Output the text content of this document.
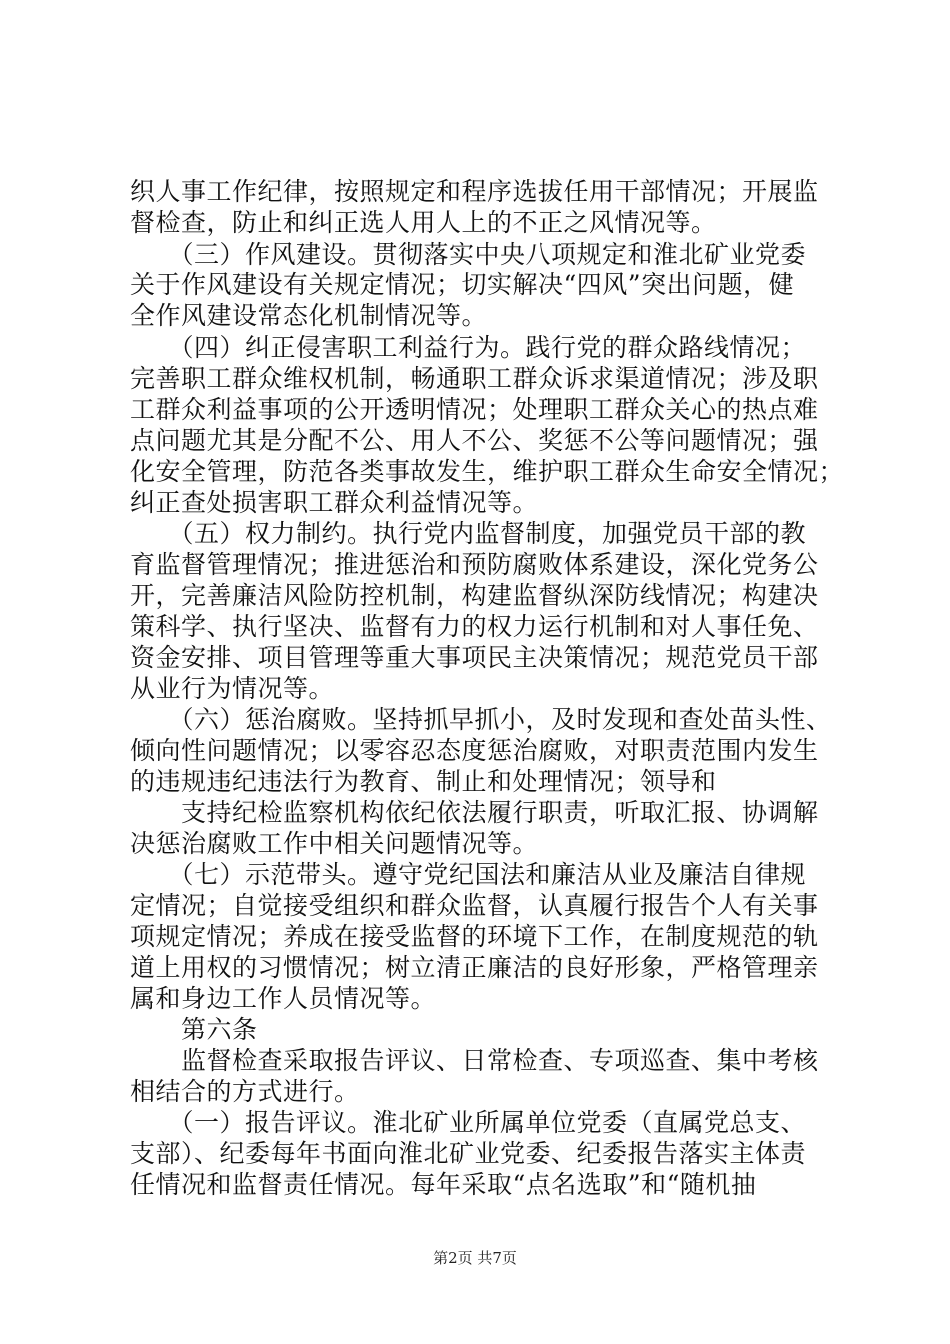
织人事工作纪律，按照规定和程序选拔任用干部情况；开展监
督检查，防止和纠正选人用人上的不正之风情况等。
　　（三）作风建设。贯彻落实中央八项规定和淮北矿业党委
关于作风建设有关规定情况；切实解决“四风”突出问题，健
全作风建设常态化机制情况等。
　　（四）纠正侵害职工利益行为。践行党的群众路线情况；
完善职工群众维权机制，畅通职工群众诉求渠道情况；涉及职
工群众利益事项的公开透明情况；处理职工群众关心的热点难
点问题尤其是分配不公、用人不公、奖惩不公等问题情况；强
化安全管理，防范各类事故发生，维护职工群众生命安全情况；
纠正查处损害职工群众利益情况等。
　　（五）权力制约。执行党内监督制度，加强党员干部的教
育监督管理情况；推进惩治和预防腐败体系建设，深化党务公
开，完善廉洁风险防控机制，构建监督纵深防线情况；构建决
策科学、执行坚决、监督有力的权力运行机制和对人事任免、
资金安排、项目管理等重大事项民主决策情况；规范党员干部
从业行为情况等。
　　（六）惩治腐败。坚持抓早抓小，及时发现和查处苗头性、
倾向性问题情况；以零容忍态度惩治腐败，对职责范围内发生
的违规违纪违法行为教育、制止和处理情况；领导和
　　支持纪检监察机构依纪依法履行职责，听取汇报、协调解
决惩治腐败工作中相关问题情况等。
　　（七）示范带头。遵守党纪国法和廉洁从业及廉洁自律规
定情况；自觉接受组织和群众监督，认真履行报告个人有关事
项规定情况；养成在接受监督的环境下工作，在制度规范的轨
道上用权的习惯情况；树立清正廉洁的良好形象，严格管理亲
属和身边工作人员情况等。
　　第六条
　　监督检查采取报告评议、日常检查、专项巡查、集中考核
相结合的方式进行。
　　（一）报告评议。淮北矿业所属单位党委（直属党总支、
支部）、纪委每年书面向淮北矿业党委、纪委报告落实主体责
任情况和监督责任情况。每年采取“点名选取”和“随机抽
第2页 共7页
